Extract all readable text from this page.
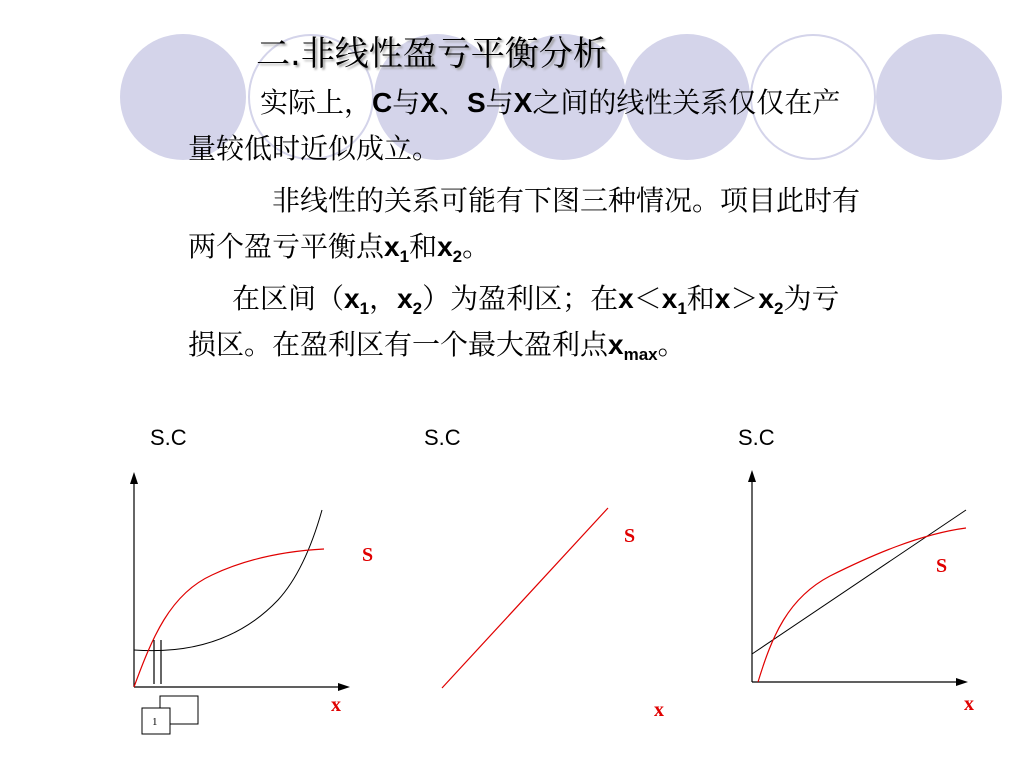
二.非线性盈亏平衡分析

实际上，C与X、S与X之间的线性关系仅仅在产
量较低时近似成立。

非线性的关系可能有下图三种情况。项目此时有
两个盈亏平衡点$x_1$和$x_2$。

在区间（$x_1$，$x_2$）为盈利区；在$x<x_1$和$x>x_2$为亏
损区。在盈利区有一个最大盈利点$x_{max}$。

S.C
S
x
1
S.C
S
x
S.C
S
x
